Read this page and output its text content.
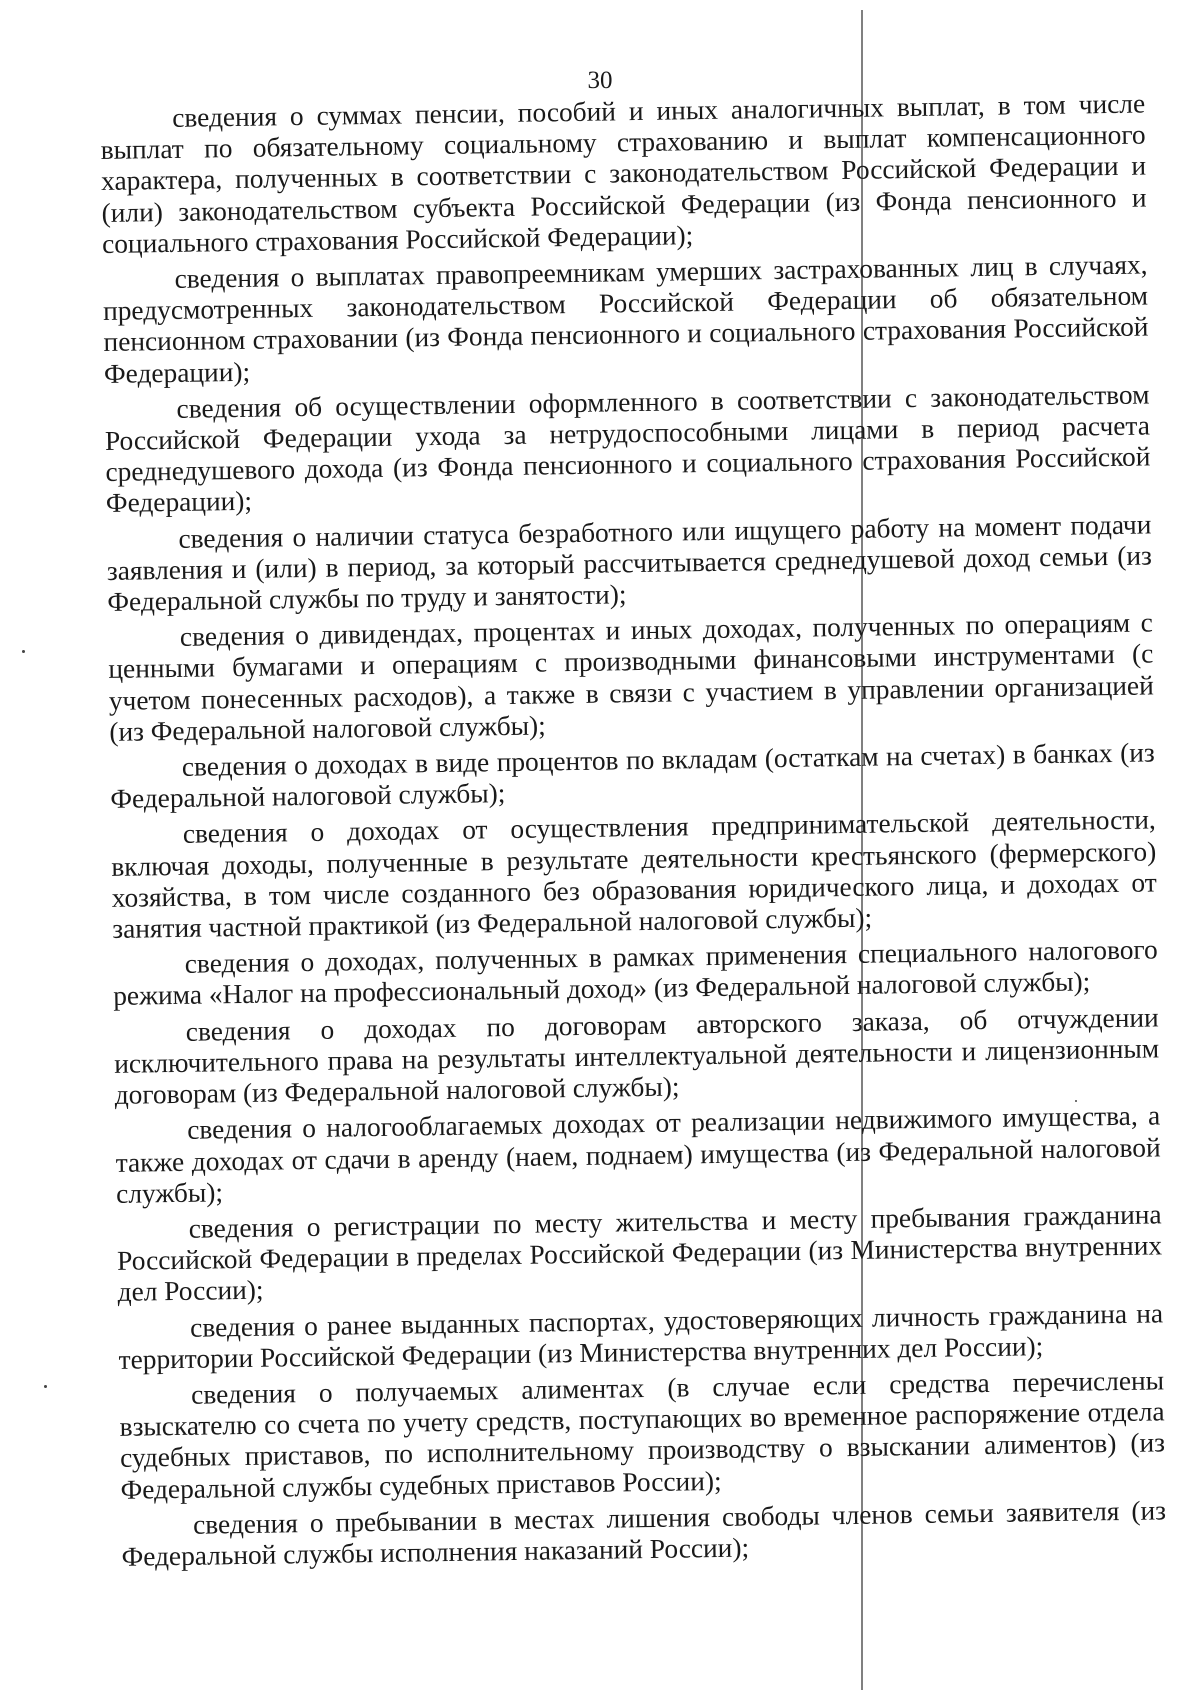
30

сведения о суммах пенсии, пособий и иных аналогичных выплат, в том числе выплат по обязательному социальному страхованию и выплат компенсационного характера, полученных в соответствии с законодательством Российской Федерации и (или) законодательством субъекта Российской Федерации (из Фонда пенсионного и социального страхования Российской Федерации);

сведения о выплатах правопреемникам умерших застрахованных лиц в случаях, предусмотренных законодательством Российской Федерации об обязательном пенсионном страховании (из Фонда пенсионного и социального страхования Российской Федерации);

сведения об осуществлении оформленного в соответствии с законодательством Российской Федерации ухода за нетрудоспособными лицами в период расчета среднедушевого дохода (из Фонда пенсионного и социального страхования Российской Федерации);

сведения о наличии статуса безработного или ищущего работу на момент подачи заявления и (или) в период, за который рассчитывается среднедушевой доход семьи (из Федеральной службы по труду и занятости);

сведения о дивидендах, процентах и иных доходах, полученных по операциям с ценными бумагами и операциям с производными финансовыми инструментами (с учетом понесенных расходов), а также в связи с участием в управлении организацией (из Федеральной налоговой службы);

сведения о доходах в виде процентов по вкладам (остаткам на счетах) в банках (из Федеральной налоговой службы);

сведения о доходах от осуществления предпринимательской деятельности, включая доходы, полученные в результате деятельности крестьянского (фермерского) хозяйства, в том числе созданного без образования юридического лица, и доходах от занятия частной практикой (из Федеральной налоговой службы);

сведения о доходах, полученных в рамках применения специального налогового режима «Налог на профессиональный доход» (из Федеральной налоговой службы);

сведения о доходах по договорам авторского заказа, об отчуждении исключительного права на результаты интеллектуальной деятельности и лицензионным договорам (из Федеральной налоговой службы);

сведения о налогооблагаемых доходах от реализации недвижимого имущества, а также доходах от сдачи в аренду (наем, поднаем) имущества (из Федеральной налоговой службы);

сведения о регистрации по месту жительства и месту пребывания гражданина Российской Федерации в пределах Российской Федерации (из Министерства внутренних дел России);

сведения о ранее выданных паспортах, удостоверяющих личность гражданина на территории Российской Федерации (из Министерства внутренних дел России);

сведения о получаемых алиментах (в случае если средства перечислены взыскателю со счета по учету средств, поступающих во временное распоряжение отдела судебных приставов, по исполнительному производству о взыскании алиментов) (из Федеральной службы судебных приставов России);

сведения о пребывании в местах лишения свободы членов семьи заявителя (из Федеральной службы исполнения наказаний России);
